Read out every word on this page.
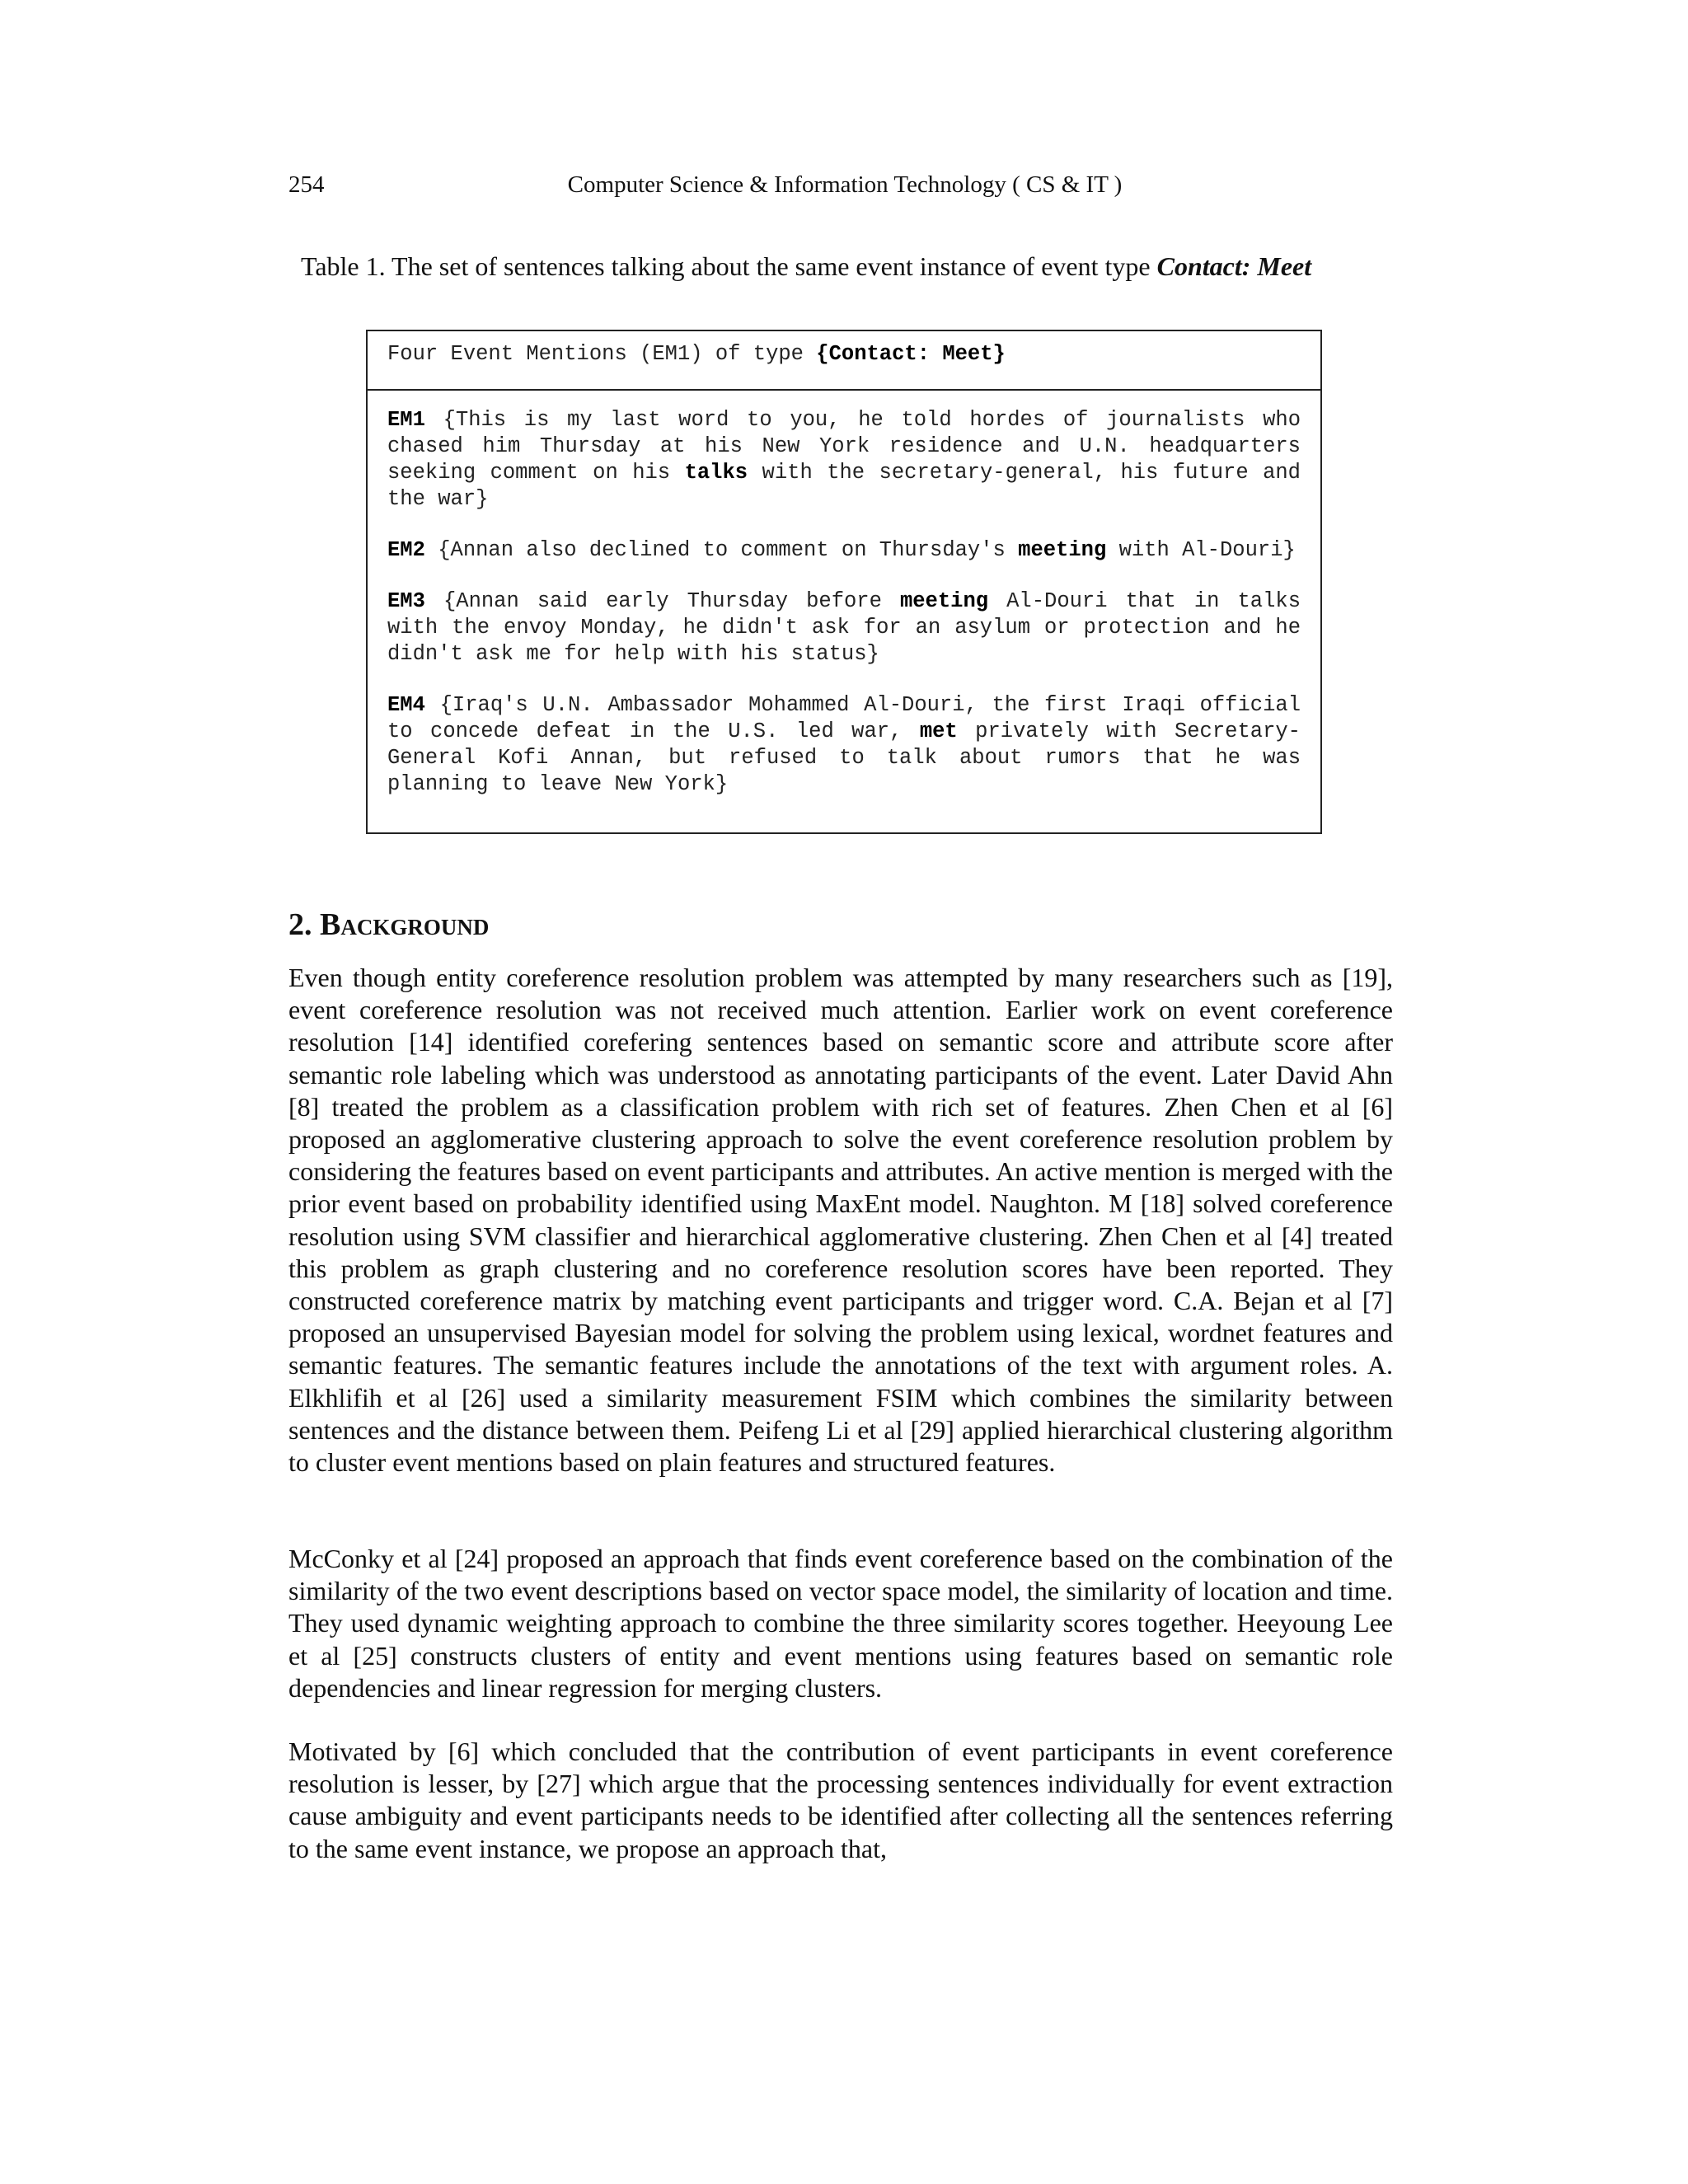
254	Computer Science & Information Technology ( CS & IT )
Table 1. The set of sentences talking about the same event instance of event type Contact: Meet
Four Event Mentions (EM1) of type {Contact: Meet}
EM1 {This is my last word to you, he told hordes of journalists who chased him Thursday at his New York residence and U.N. headquarters seeking comment on his talks with the secretary-general, his future and the war}
EM2 {Annan also declined to comment on Thursday's meeting with Al-Douri}
EM3 {Annan said early Thursday before meeting Al-Douri that in talks with the envoy Monday, he didn't ask for an asylum or protection and he didn't ask me for help with his status}
EM4 {Iraq's U.N. Ambassador Mohammed Al-Douri, the first Iraqi official to concede defeat in the U.S. led war, met privately with Secretary-General Kofi Annan, but refused to talk about rumors that he was planning to leave New York}
2. Background

Even though entity coreference resolution problem was attempted by many researchers such as [19], event coreference resolution was not received much attention. Earlier work on event coreference resolution [14] identified corefering sentences based on semantic score and attribute score after semantic role labeling which was understood as annotating participants of the event. Later David Ahn [8] treated the problem as a classification problem with rich set of features. Zhen Chen et al [6] proposed an agglomerative clustering approach to solve the event coreference resolution problem by considering the features based on event participants and attributes. An active mention is merged with the prior event based on probability identified using MaxEnt model. Naughton. M [18] solved coreference resolution using SVM classifier and hierarchical agglomerative clustering. Zhen Chen et al [4] treated this problem as graph clustering and no coreference resolution scores have been reported. They constructed coreference matrix by matching event participants and trigger word. C.A. Bejan et al [7] proposed an unsupervised Bayesian model for solving the problem using lexical, wordnet features and semantic features. The semantic features include the annotations of the text with argument roles. A. Elkhlifih et al [26] used a similarity measurement FSIM which combines the similarity between sentences and the distance between them. Peifeng Li et al [29] applied hierarchical clustering algorithm to cluster event mentions based on plain features and structured features.

McConky et al [24] proposed an approach that finds event coreference based on the combination of the similarity of the two event descriptions based on vector space model, the similarity of location and time. They used dynamic weighting approach to combine the three similarity scores together. Heeyoung Lee et al [25] constructs clusters of entity and event mentions using features based on semantic role dependencies and linear regression for merging clusters.

Motivated by [6] which concluded that the contribution of event participants in event coreference resolution is lesser, by [27] which argue that the processing sentences individually for event extraction cause ambiguity and event participants needs to be identified after collecting all the sentences referring to the same event instance, we propose an approach that,
